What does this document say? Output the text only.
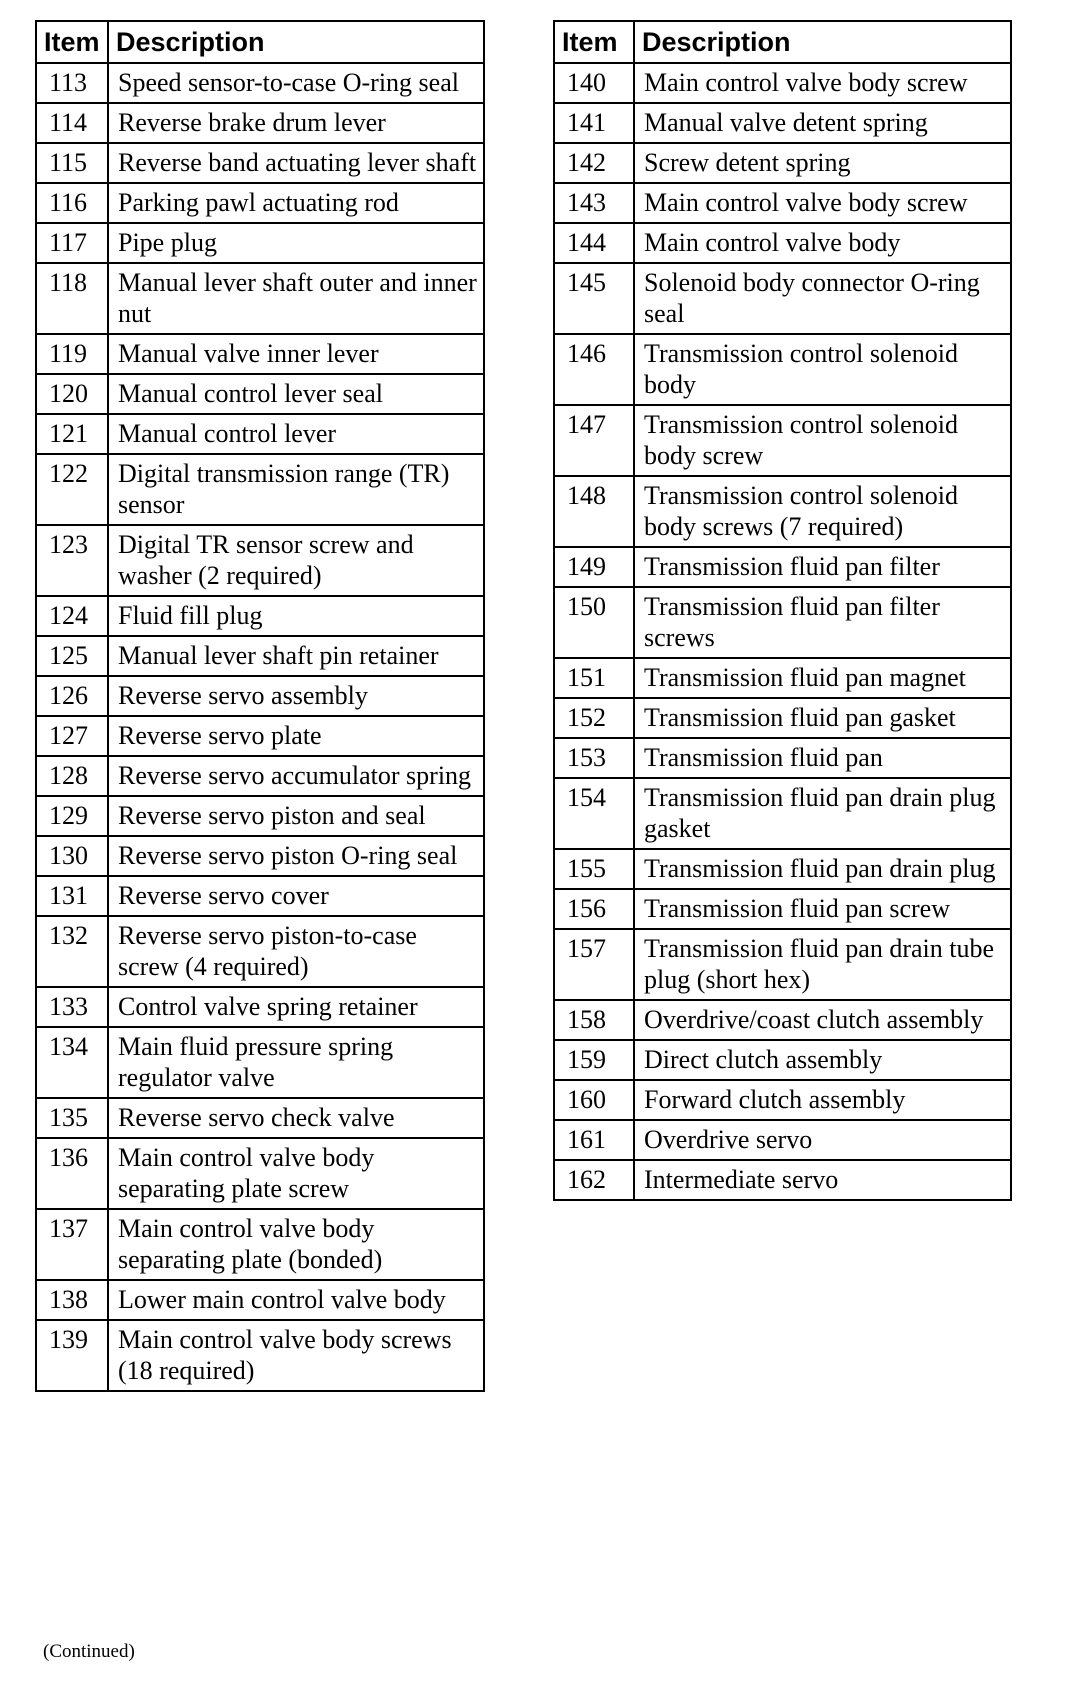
Item	Description
113	Speed sensor-to-case O-ring seal
114	Reverse brake drum lever
115	Reverse band actuating lever shaft
116	Parking pawl actuating rod
117	Pipe plug
118	Manual lever shaft outer and inner nut
119	Manual valve inner lever
120	Manual control lever seal
121	Manual control lever
122	Digital transmission range (TR) sensor
123	Digital TR sensor screw and washer (2 required)
124	Fluid fill plug
125	Manual lever shaft pin retainer
126	Reverse servo assembly
127	Reverse servo plate
128	Reverse servo accumulator spring
129	Reverse servo piston and seal
130	Reverse servo piston O-ring seal
131	Reverse servo cover
132	Reverse servo piston-to-case screw (4 required)
133	Control valve spring retainer
134	Main fluid pressure spring regulator valve
135	Reverse servo check valve
136	Main control valve body separating plate screw
137	Main control valve body separating plate (bonded)
138	Lower main control valve body
139	Main control valve body screws (18 required)
Item	Description
140	Main control valve body screw
141	Manual valve detent spring
142	Screw detent spring
143	Main control valve body screw
144	Main control valve body
145	Solenoid body connector O-ring seal
146	Transmission control solenoid body
147	Transmission control solenoid body screw
148	Transmission control solenoid body screws (7 required)
149	Transmission fluid pan filter
150	Transmission fluid pan filter screws
151	Transmission fluid pan magnet
152	Transmission fluid pan gasket
153	Transmission fluid pan
154	Transmission fluid pan drain plug gasket
155	Transmission fluid pan drain plug
156	Transmission fluid pan screw
157	Transmission fluid pan drain tube plug (short hex)
158	Overdrive/coast clutch assembly
159	Direct clutch assembly
160	Forward clutch assembly
161	Overdrive servo
162	Intermediate servo
(Continued)
